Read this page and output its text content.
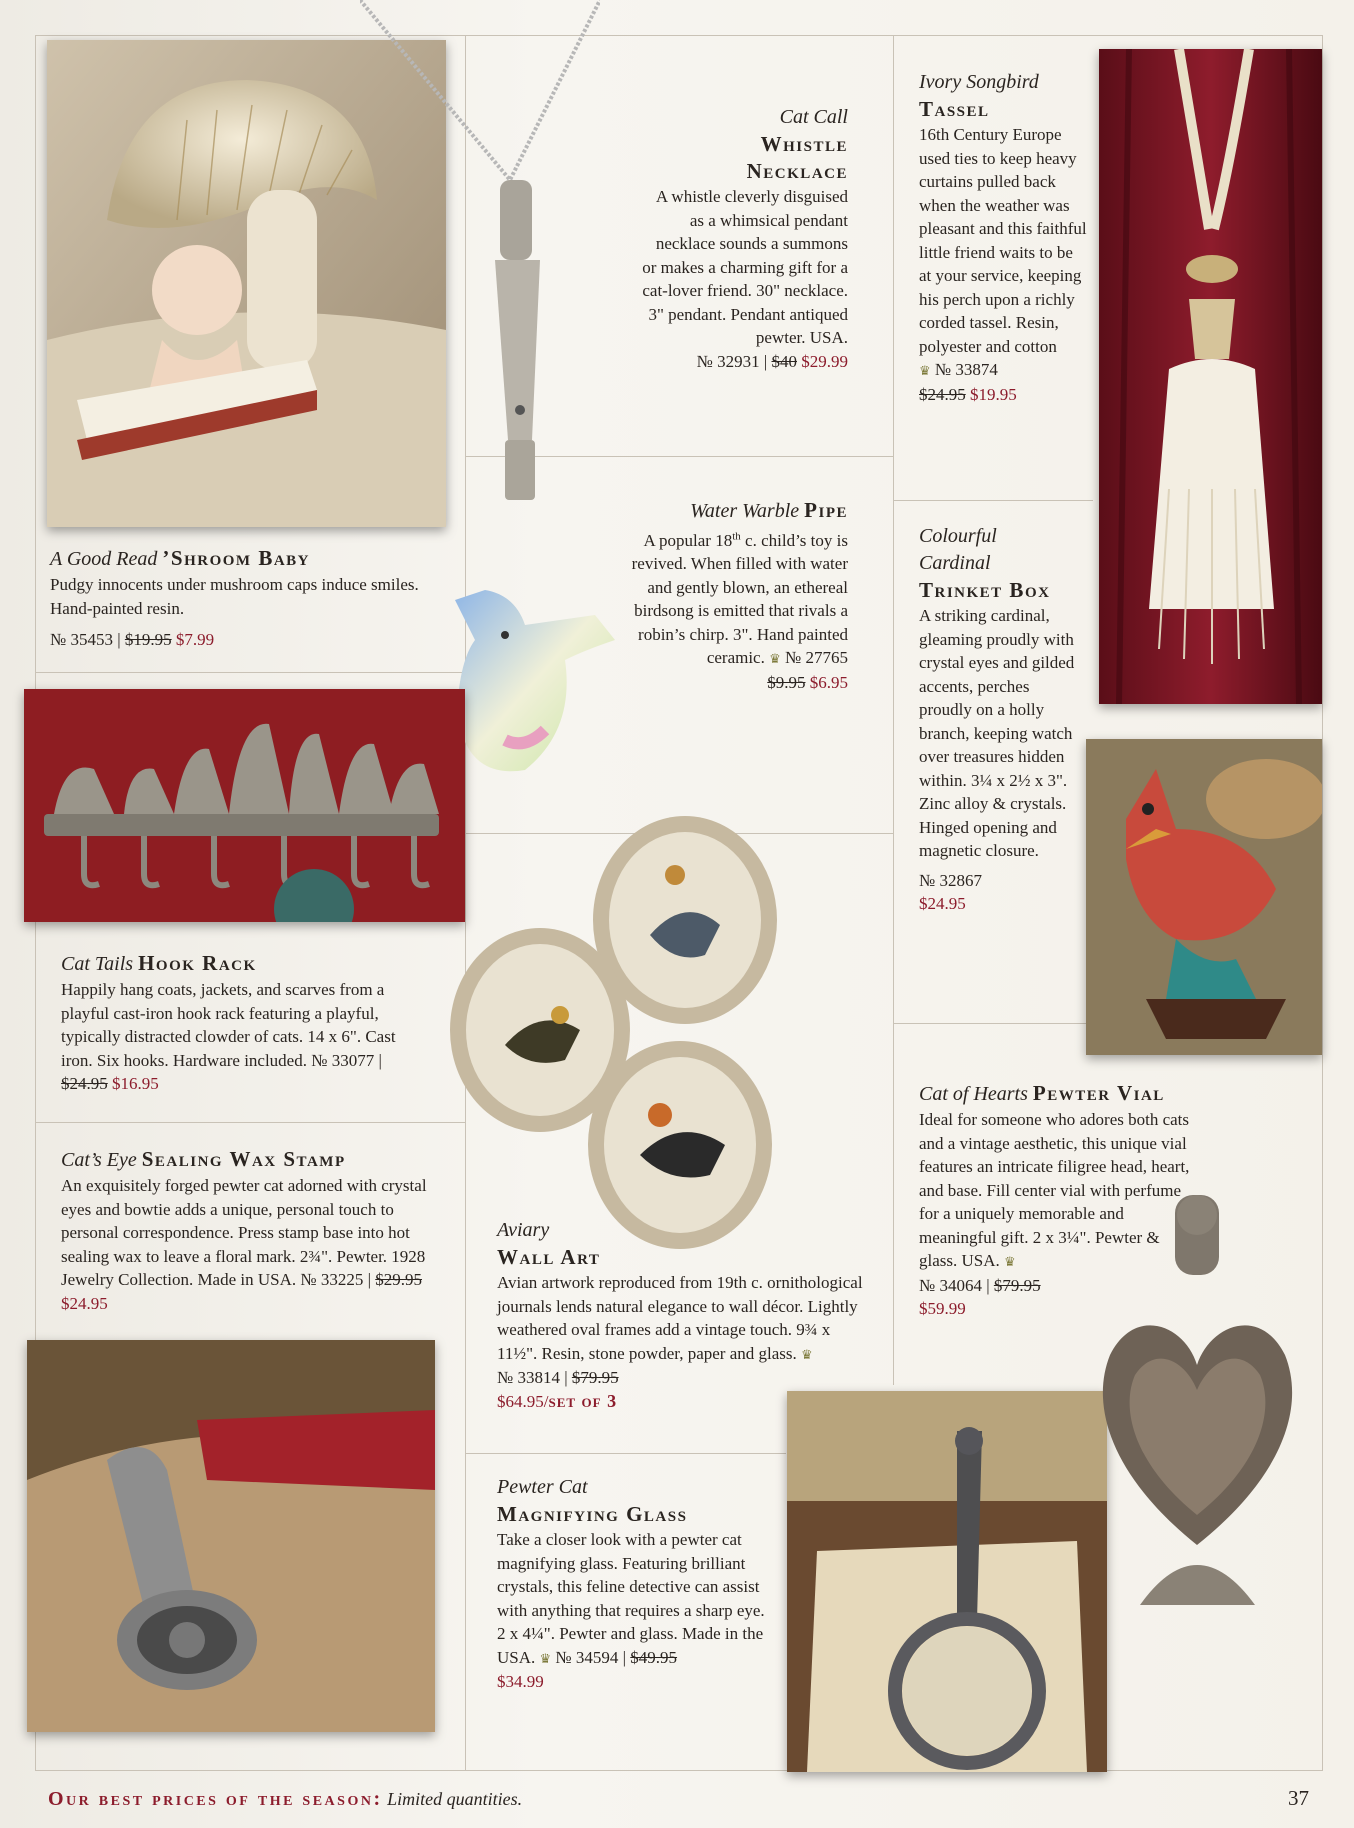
A Good Read ’Shroom Baby
Pudgy innocents under mushroom caps induce smiles. Hand-painted resin.
№ 35453 | $19.95 $7.99
Cat Call
Whistle
Necklace
A whistle cleverly disguised as a whimsical pendant necklace sounds a summons or makes a charming gift for a cat-lover friend. 30" necklace. 3" pendant. Pendant antiqued pewter. USA.
№ 32931 | $40 $29.99
Ivory Songbird
Tassel
16th Century Europe used ties to keep heavy curtains pulled back when the weather was pleasant and this faithful little friend waits to be at your service, keeping his perch upon a richly corded tassel. Resin, polyester and cotton
♛ № 33874
$24.95 $19.95
Water Warble Pipe
A popular 18th c. child’s toy is revived. When filled with water and gently blown, an ethereal birdsong is emitted that rivals a robin’s chirp. 3". Hand painted ceramic. ♛ № 27765
$9.95 $6.95
Colourful
Cardinal
Trinket Box
A striking cardinal, gleaming proudly with crystal eyes and gilded accents, perches proudly on a holly branch, keeping watch over treasures hidden within. 3¼ x 2½ x 3". Zinc alloy & crystals. Hinged opening and magnetic closure.
№ 32867
$24.95
Cat Tails Hook Rack
Happily hang coats, jackets, and scarves from a playful cast-iron hook rack featuring a playful, typically distracted clowder of cats. 14 x 6". Cast iron. Six hooks. Hardware included. № 33077 | $24.95 $16.95
Cat’s Eye Sealing Wax Stamp
An exquisitely forged pewter cat adorned with crystal eyes and bowtie adds a unique, personal touch to personal correspondence. Press stamp base into hot sealing wax to leave a floral mark. 2¾". Pewter. 1928 Jewelry Collection. Made in USA. № 33225 | $29.95 $24.95
Aviary
Wall Art
Avian artwork reproduced from 19th c. ornithological journals lends natural elegance to wall décor. Lightly weathered oval frames add a vintage touch. 9¾ x 11½". Resin, stone powder, paper and glass. ♛
№ 33814 | $79.95
$64.95/set of 3
Cat of Hearts Pewter Vial
Ideal for someone who adores both cats and a vintage aesthetic, this unique vial features an intricate filigree head, heart, and base. Fill center vial with perfume for a uniquely memorable and meaningful gift. 2 x 3¼". Pewter & glass. USA. ♛
№ 34064 | $79.95
$59.99
Pewter Cat
Magnifying Glass
Take a closer look with a pewter cat magnifying glass. Featuring brilliant crystals, this feline detective can assist with anything that requires a sharp eye. 2 x 4¼". Pewter and glass. Made in the USA. ♛ № 34594 | $49.95
$34.99
Our best prices of the season: Limited quantities.	37
